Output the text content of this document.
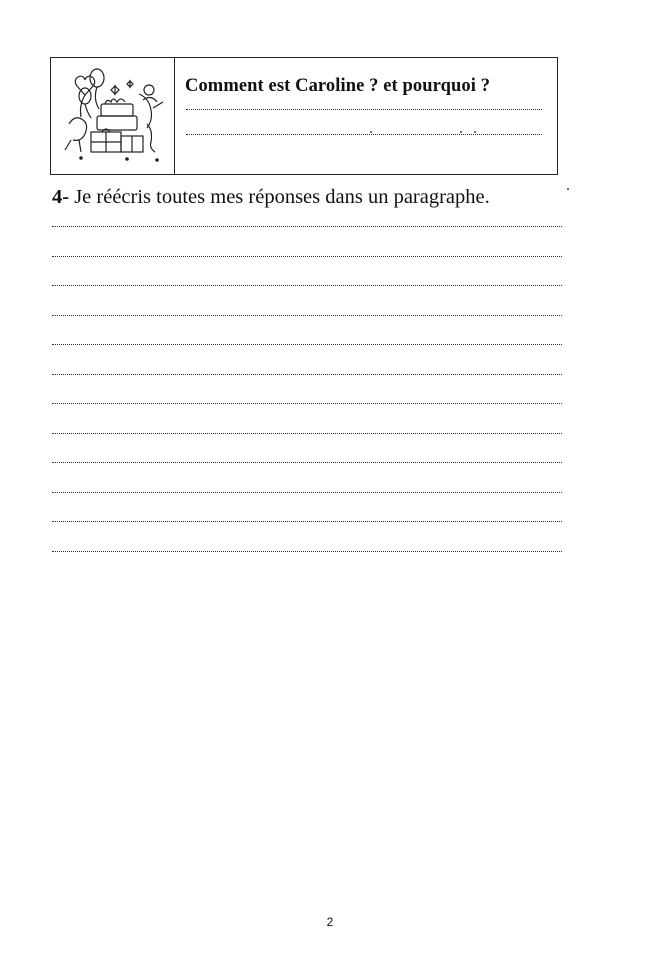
Comment est Caroline ? et pourquoi ?

4- Je réécris toutes mes réponses dans un paragraphe.

2
